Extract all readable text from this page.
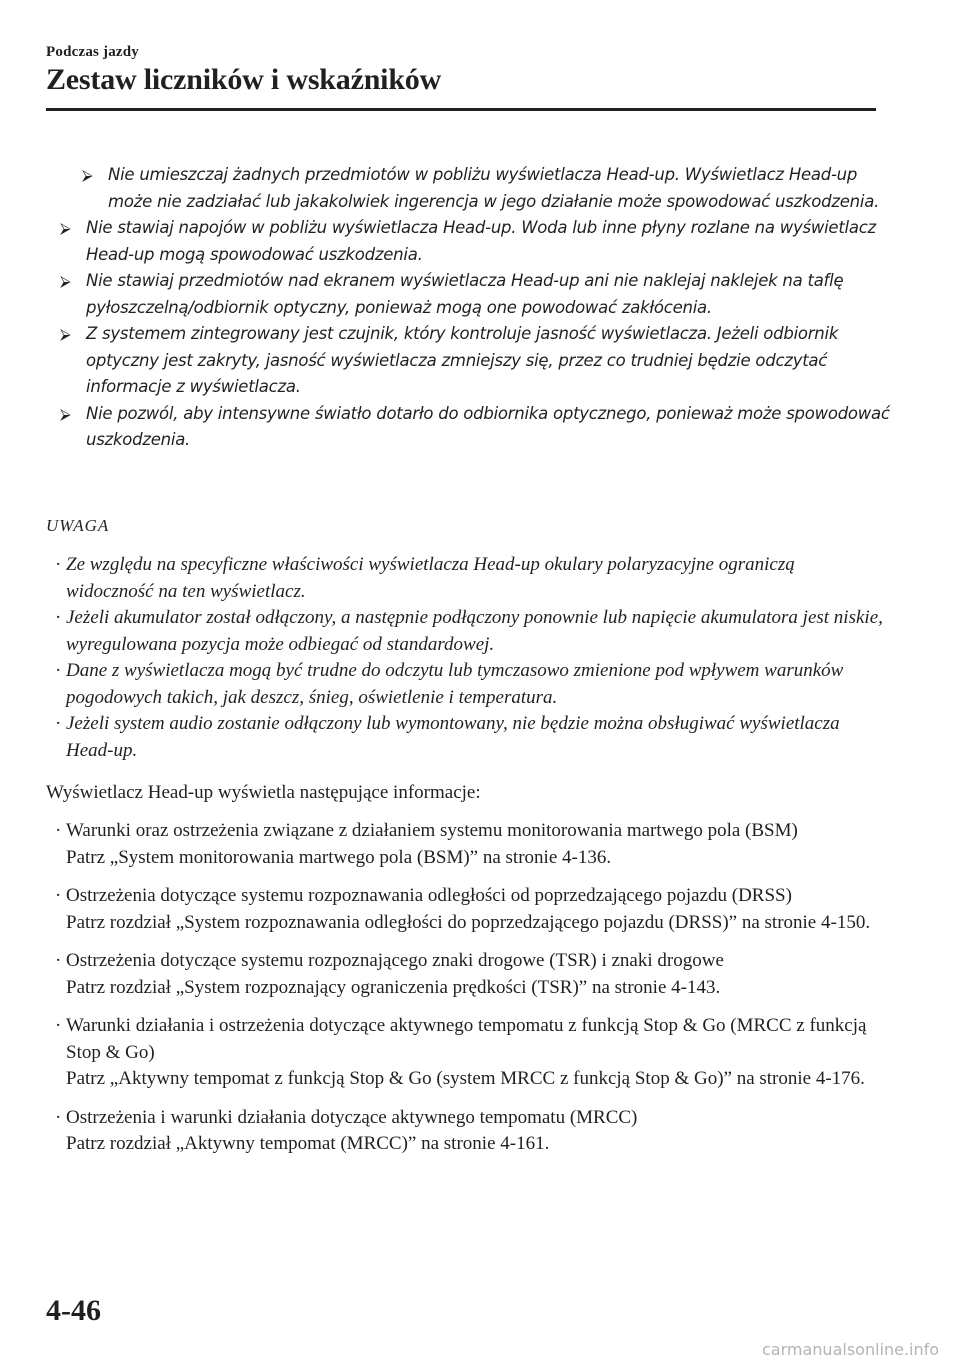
Podczas jazdy
Zestaw liczników i wskaźników
⮚ Nie umieszczaj żadnych przedmiotów w pobliżu wyświetlacza Head-up. Wyświetlacz Head-up może nie zadziałać lub jakakolwiek ingerencja w jego działanie może spowodować uszkodzenia.
⮚ Nie stawiaj napojów w pobliżu wyświetlacza Head-up. Woda lub inne płyny rozlane na wyświetlacz Head-up mogą spowodować uszkodzenia.
⮚ Nie stawiaj przedmiotów nad ekranem wyświetlacza Head-up ani nie naklejaj naklejek na taflę pyłoszczelną/odbiornik optyczny, ponieważ mogą one powodować zakłócenia.
⮚ Z systemem zintegrowany jest czujnik, który kontroluje jasność wyświetlacza. Jeżeli odbiornik optyczny jest zakryty, jasność wyświetlacza zmniejszy się, przez co trudniej będzie odczytać informacje z wyświetlacza.
⮚ Nie pozwól, aby intensywne światło dotarło do odbiornika optycznego, ponieważ może spowodować uszkodzenia.
UWAGA
· Ze względu na specyficzne właściwości wyświetlacza Head-up okulary polaryzacyjne ograniczą widoczność na ten wyświetlacz.
· Jeżeli akumulator został odłączony, a następnie podłączony ponownie lub napięcie akumulatora jest niskie, wyregulowana pozycja może odbiegać od standardowej.
· Dane z wyświetlacza mogą być trudne do odczytu lub tymczasowo zmienione pod wpływem warunków pogodowych takich, jak deszcz, śnieg, oświetlenie i temperatura.
· Jeżeli system audio zostanie odłączony lub wymontowany, nie będzie można obsługiwać wyświetlacza Head-up.
Wyświetlacz Head-up wyświetla następujące informacje:
· Warunki oraz ostrzeżenia związane z działaniem systemu monitorowania martwego pola (BSM)
Patrz „System monitorowania martwego pola (BSM)” na stronie 4-136.
· Ostrzeżenia dotyczące systemu rozpoznawania odległości od poprzedzającego pojazdu (DRSS)
Patrz rozdział „System rozpoznawania odległości do poprzedzającego pojazdu (DRSS)” na stronie 4-150.
· Ostrzeżenia dotyczące systemu rozpoznającego znaki drogowe (TSR) i znaki drogowe
Patrz rozdział „System rozpoznający ograniczenia prędkości (TSR)” na stronie 4-143.
· Warunki działania i ostrzeżenia dotyczące aktywnego tempomatu z funkcją Stop & Go (MRCC z funkcją Stop & Go)
Patrz „Aktywny tempomat z funkcją Stop & Go (system MRCC z funkcją Stop & Go)” na stronie 4-176.
· Ostrzeżenia i warunki działania dotyczące aktywnego tempomatu (MRCC)
Patrz rozdział „Aktywny tempomat (MRCC)” na stronie 4-161.
4-46
carmanualsonline.info
